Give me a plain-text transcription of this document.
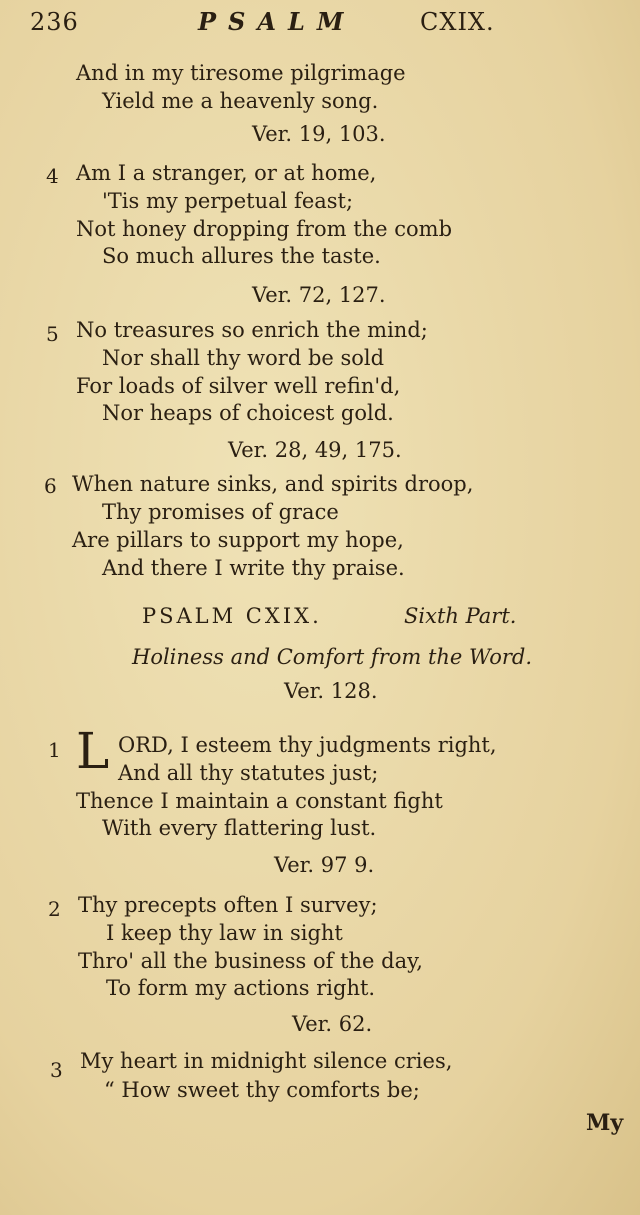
236	PSALM	CXIX.
And in my tiresome pilgrimage
Yield me a heavenly song.
Ver. 19, 103.
4 Am I a stranger, or at home,
'Tis my perpetual feast;
Not honey dropping from the comb
So much allures the taste.
Ver. 72, 127.
5 No treasures so enrich the mind;
Nor shall thy word be sold
For loads of silver well refin'd,
Nor heaps of choicest gold.
Ver. 28, 49, 175.
6 When nature sinks, and spirits droop,
Thy promises of grace
Are pillars to support my hope,
And there I write thy praise.
PSALM CXIX.	Sixth Part.
Holiness and Comfort from the Word.
Ver. 128.
1 L ORD, I esteem thy judgments right,
And all thy statutes just;
Thence I maintain a constant fight
With every flattering lust.
Ver. 97 9.
2 Thy precepts often I survey;
I keep thy law in sight
Thro' all the business of the day,
To form my actions right.
Ver. 62.
3 My heart in midnight silence cries,
“ How sweet thy comforts be;
My
